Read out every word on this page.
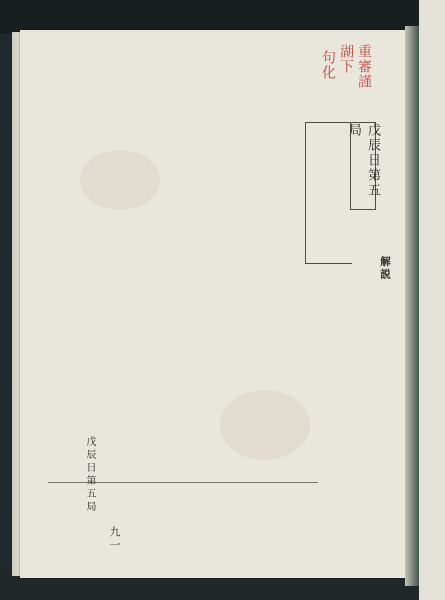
重審謹
湖下
句化
戊辰日第五局
解説
戊辰日第五局
九一
